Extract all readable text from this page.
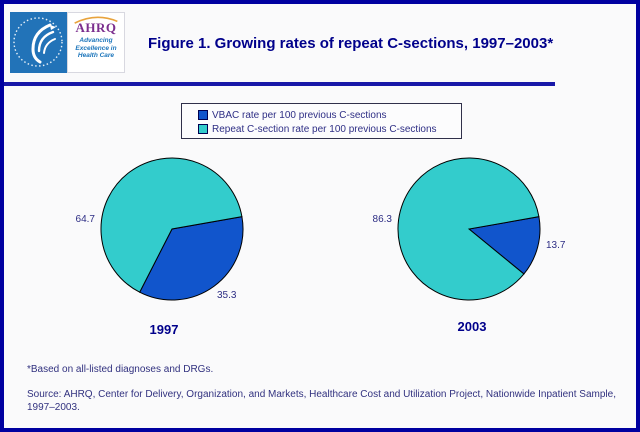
AHRQ
Advancing
Excellence in
Health Care
Figure 1. Growing rates of repeat C-sections, 1997–2003*
VBAC rate per 100 previous C-sections
Repeat C-section rate per 100 previous C-sections
64.7
35.3
86.3
13.7
1997	2003
*Based on all-listed diagnoses and DRGs.
Source: AHRQ, Center for Delivery, Organization, and Markets, Healthcare Cost and Utilization Project, Nationwide Inpatient Sample, 1997–2003.
